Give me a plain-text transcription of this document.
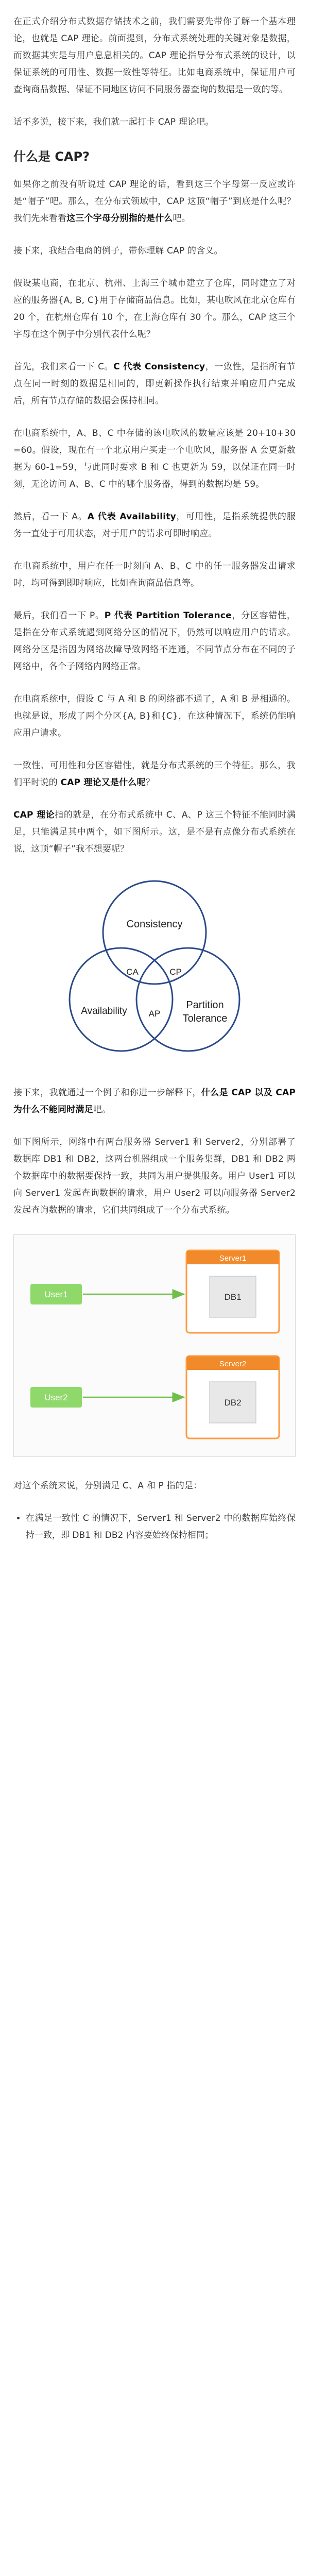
在正式介绍分布式数据存储技术之前，我们需要先带你了解一个基本理论，也就是 CAP 理论。前面提到，分布式系统处理的关键对象是数据，而数据其实是与用户息息相关的。CAP 理论指导分布式系统的设计，以保证系统的可用性、数据一致性等特征。比如电商系统中，保证用户可查询商品数据、保证不同地区访问不同服务器查询的数据是一致的等。

话不多说，接下来，我们就一起打卡 CAP 理论吧。

什么是 CAP?

如果你之前没有听说过 CAP 理论的话，看到这三个字母第一反应或许是“帽子”吧。那么，在分布式领域中，CAP 这顶“帽子”到底是什么呢？我们先来看看这三个字母分别指的是什么吧。

接下来，我结合电商的例子，带你理解 CAP 的含义。

假设某电商，在北京、杭州、上海三个城市建立了仓库，同时建立了对应的服务器{A, B, C}用于存储商品信息。比如，某电吹风在北京仓库有 20 个，在杭州仓库有 10 个，在上海仓库有 30 个。那么，CAP 这三个字母在这个例子中分别代表什么呢？

首先，我们来看一下 C。C 代表 Consistency，一致性，是指所有节点在同一时刻的数据是相同的，即更新操作执行结束并响应用户完成后，所有节点存储的数据会保持相同。

在电商系统中，A、B、C 中存储的该电吹风的数量应该是 20+10+30=60。假设，现在有一个北京用户买走一个电吹风，服务器 A 会更新数据为 60-1=59，与此同时要求 B 和 C 也更新为 59，以保证在同一时刻，无论访问 A、B、C 中的哪个服务器，得到的数据均是 59。

然后，看一下 A。A 代表 Availability，可用性，是指系统提供的服务一直处于可用状态，对于用户的请求可即时响应。

在电商系统中，用户在任一时刻向 A、B、C 中的任一服务器发出请求时，均可得到即时响应，比如查询商品信息等。

最后，我们看一下 P。P 代表 Partition Tolerance，分区容错性，是指在分布式系统遇到网络分区的情况下，仍然可以响应用户的请求。网络分区是指因为网络故障导致网络不连通，不同节点分布在不同的子网络中，各个子网络内网络正常。

在电商系统中，假设 C 与 A 和 B 的网络都不通了，A 和 B 是相通的。也就是说，形成了两个分区{A, B}和{C}，在这种情况下，系统仍能响应用户请求。

一致性、可用性和分区容错性，就是分布式系统的三个特征。那么，我们平时说的 CAP 理论又是什么呢？

CAP 理论指的就是，在分布式系统中 C、A、P 这三个特征不能同时满足，只能满足其中两个，如下图所示。这，是不是有点像分布式系统在说，这顶“帽子”我不想要呢？

Consistency
Availability
Partition
Tolerance
CA	CP
AP

接下来，我就通过一个例子和你进一步解释下，什么是 CAP 以及 CAP 为什么不能同时满足吧。

如下图所示，网络中有两台服务器 Server1 和 Server2，分别部署了数据库 DB1 和 DB2，这两台机器组成一个服务集群，DB1 和 DB2 两个数据库中的数据要保持一致，共同为用户提供服务。用户 User1 可以向 Server1 发起查询数据的请求，用户 User2 可以向服务器 Server2 发起查询数据的请求，它们共同组成了一个分布式系统。

User1
User2
Server1
DB1
Server2
DB2

对这个系统来说，分别满足 C、A 和 P 指的是：

• 在满足一致性 C 的情况下，Server1 和 Server2 中的数据库始终保持一致，即 DB1 和 DB2 内容要始终保持相同；
